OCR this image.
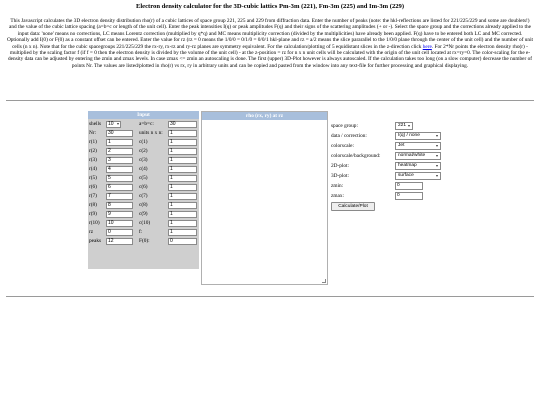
Electron density calculator for the 3D-cubic lattics Pm-3m (221), Fm-3m (225) and Im-3m (229)
This Javascript calculates the 3D electron density distribution rho(r) of a cubic lattices of space group 221, 225 and 229 from diffraction data. Enter the number of peaks (note: the hkl-reflections are listed for 221/225/229 and some are doublets!) and the value of the cubic lattice spacing (a=b=c or length of the unit cell). Enter the peak intensities I(q) or peak amplitudes F(q) and their signs of the scattering amplitudes (+ or -). Select the space group and the corrections already applied to the input data: 'none' means no corrections, LC means Lorentz correction (multiplied by q*q) and MC means multiplicity correction (divided by the multiplicities) have already been applied. F(q) have to be entered both LC and MC corrected. Optionally add I(0) or F(0) as a constant offset can be entered. Enter the value for rz (rz = 0 means the 1/0/0 = 0/1/0 = 0/0/1 hkl-plane and rz = a/2 means the slice pararallel to the 1/0/0 plane through the center of the unit cell) and the number of unit cells (n x n). Note that for the cubic spacegroups 221/225/229 the rx-ry, rx-rz and ry-rz planes are symmetry equivalent. For the calculation/plotting of 5 equidistant slices in the z-direction click here. For 2*Nr points the electron density rho(r) - multiplied by the scaling factor f (if f = 0 then the electron density is divided by the volume of the unit cell) - at the z-position = rz for n x n unit cells will be calculated with the origin of the unit cell located at rx=ry=0. The color-scaling for the e-density data can be adjusted by entering the zmin and zmax levels. In case zmax <= zmin an autoscaling is done. The first (upper) 3D-Plot however is always autoscaled. If the calculation takes too long (on a slow computer) decrease the number of points Nr. The values are listed/plotted in rho(r) vs rx, ry in arbitrary units and can be copied and pasted from the window into any text-file for further processing and graphical displaying.
Input
shells	10	a=b=c:	30
Nr:	30	units n x n:	1
r(1)	1	c(1)	1
r(2)	2	c(2)	1
r(3)	3	c(3)	1
r(4)	4	c(4)	1
r(5)	5	c(5)	1
r(6)	6	c(6)	1
r(7)	7	c(7)	1
r(8)	8	c(8)	1
r(9)	9	c(9)	1
r(10)	10	c(10)	1
rz	0	f:	1
peaks	12	F(0):	0
rho (rx, ry) at rz
space group:	221
data / correction:	I(q) / none
colorscale:	Jet
colorscale/background:	normal/white
2D-plot:	heatmap
3D-plot:	surface
zmin:	0
zmax:	0
Calculate/Plot
